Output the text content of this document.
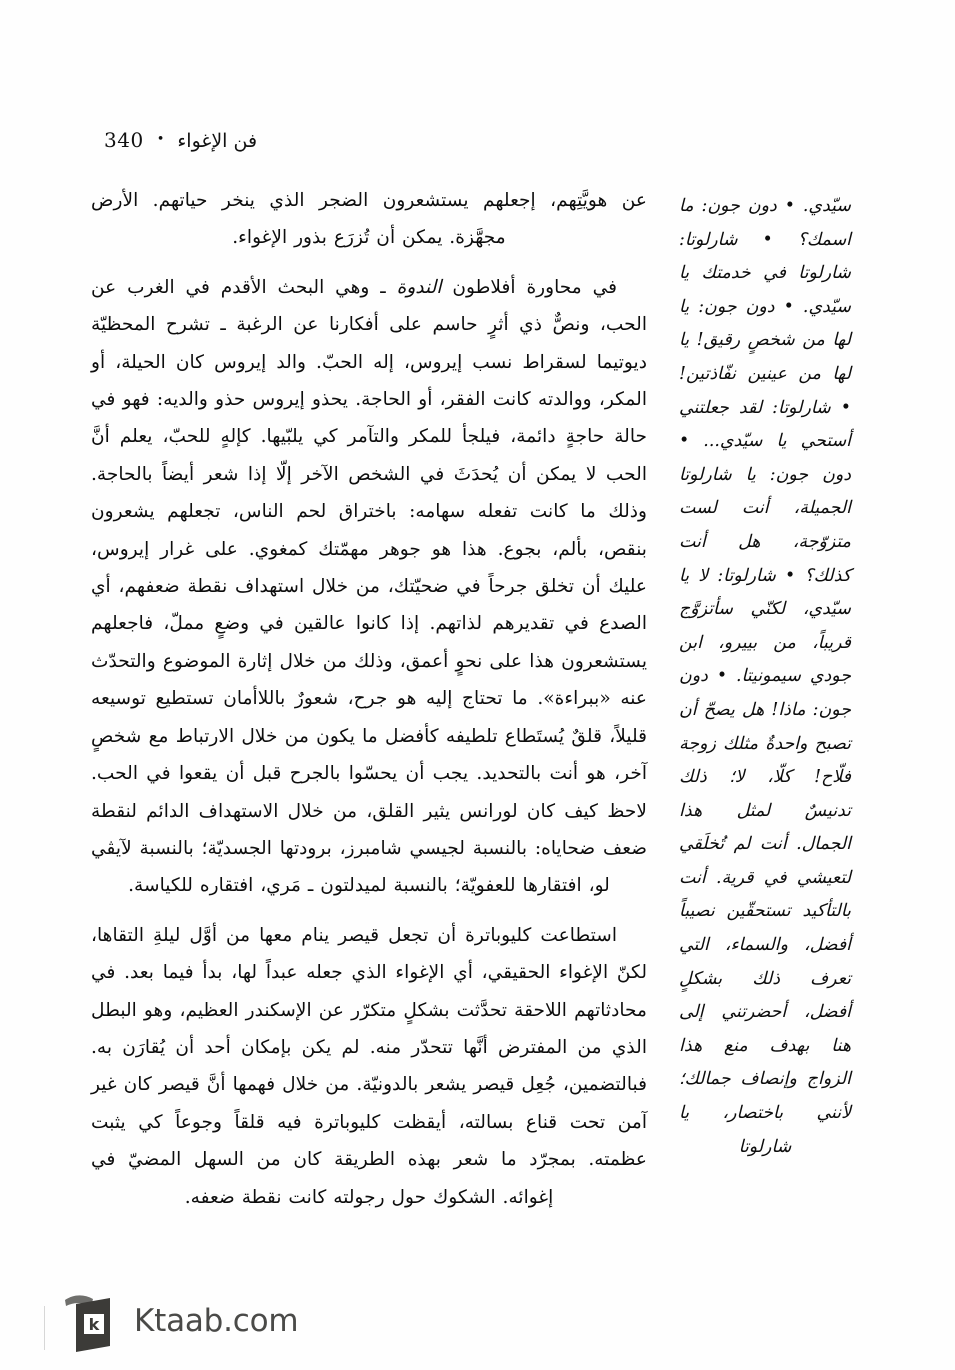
340 • فن الإغواء

عن هويَّتِهم، إجعلهم يستشعرون الضجر الذي ينخر حياتهم. الأرض مجهَّزة. يمكن أن تُزرَع بذور الإغواء.

في محاورة أفلاطون الندوة ـ وهي البحث الأقدم في الغرب عن الحب، ونصٌّ ذي أثرٍ حاسم على أفكارنا عن الرغبة ـ تشرح المحظيّة ديوتيما لسقراط نسب إيروس، إله الحبّ. والد إيروس كان الحيلة، أو المكر، ووالدته كانت الفقر، أو الحاجة. يحذو إيروس حذو والديه: فهو في حالة حاجةٍ دائمة، فيلجأ للمكر والتآمر كي يلبّيها. كإلهٍ للحبّ، يعلم أنَّ الحب لا يمكن أن يُحدَثَ في الشخص الآخر إلّا إذا شعر أيضاً بالحاجة. وذلك ما كانت تفعله سهامه: باختراق لحم الناس، تجعلهم يشعرون بنقص، بألم، بجوع. هذا هو جوهر مهمّتك كمغوي. على غرار إيروس، عليك أن تخلق جرحاً في ضحيّتك، من خلال استهداف نقطة ضعفهم، أي الصدع في تقديرهم لذاتهم. إذا كانوا عالقين في وضعٍ مملّ، فاجعلهم يستشعرون هذا على نحوٍ أعمق، وذلك من خلال إثارة الموضوع والتحدّث عنه «ببراءة». ما تحتاج إليه هو جرح، شعورٌ باللاأمان تستطيع توسيعه قليلاً، قلقٌ يُستَطاع تلطيفه كأفضل ما يكون من خلال الارتباط مع شخصٍ آخر، هو أنت بالتحديد. يجب أن يحسّوا بالجرح قبل أن يقعوا في الحب. لاحظ كيف كان لورانس يثير القلق، من خلال الاستهداف الدائم لنقطة ضعف ضحاياه: بالنسبة لجيسي شامبرز، برودتها الجسديّة؛ بالنسبة لآيڤي لو، افتقارها للعفويّة؛ بالنسبة لميدلتون ـ مَري، افتقاره للكياسة.

استطاعت كليوباترة أن تجعل قيصر ينام معها من أوَّل ليلةِ التقاها، لكنّ الإغواء الحقيقي، أي الإغواء الذي جعله عبداً لها، بدأ فيما بعد. في محادثاتهم اللاحقة تحدَّثت بشكلٍ متكرّر عن الإسكندر العظيم، وهو البطل الذي من المفترض أنَّها تتحدّر منه. لم يكن بإمكان أحد أن يُقارَن به. فبالتضمين، جُعِل قيصر يشعر بالدونيّة. من خلال فهمها أنَّ قيصر كان غير آمن تحت قناع بسالته، أيقظت كليوباترة فيه قلقاً وجوعاً كي يثبت عظمته. بمجرّد ما شعر بهذه الطريقة كان من السهل المضيّ في إغوائه. الشكوك حول رجولته كانت نقطة ضعفه.

سيّدي. • دون جون: ما اسمك؟ • شارلوتا: شارلوتا في خدمتك يا سيّدي. • دون جون: يا لها من شخصٍ رقيق! يا لها من عينين نفّاذتين! • شارلوتا: لقد جعلتني أستحي يا سيّدي... • دون جون: يا شارلوتا الجميلة، أنت لست متزوّجة، هل أنت كذلك؟ • شارلوتا: لا يا سيّدي، لكنّي سأتزوَّج قريباً، من بييرو، ابن جودي سيمونيتا. • دون جون: ماذا! هل يصحّ أن تصبح واحدةٌ مثلك زوجة فلّاح! كلّا، لا؛ ذلك تدنيسٌ لمثل هذا الجمال. أنت لم تُخلَقي لتعيشي في قرية. أنت بالتأكيد تستحقّين نصيباً أفضل، والسماء، التي تعرف ذلك بشكلٍ أفضل، أحضرتني إلى هنا بهدف منع هذا الزواج وإنصاف جمالك؛ لأنني باختصار، يا شارلوتا

k Ktaab.com
